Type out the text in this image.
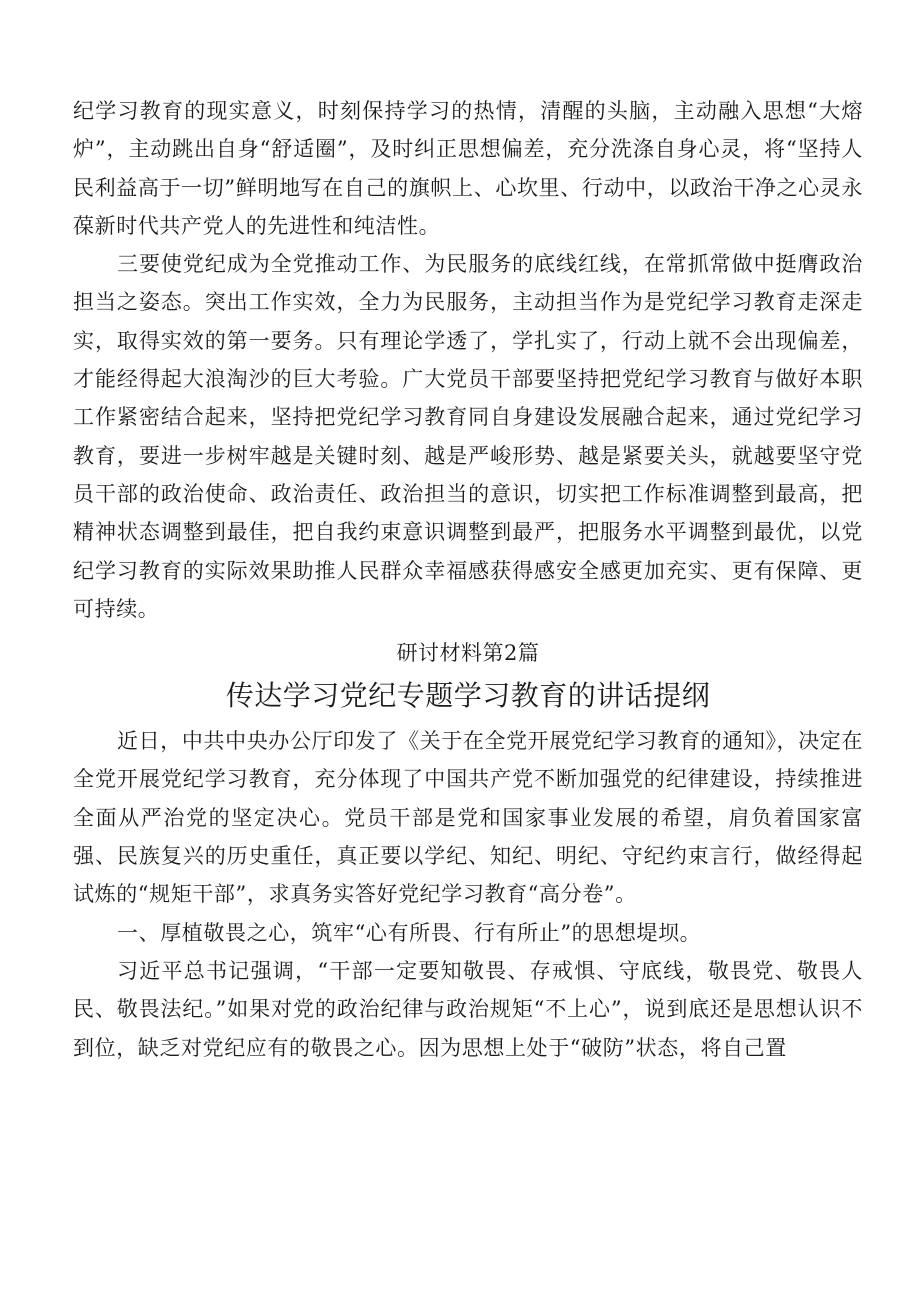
纪学习教育的现实意义，时刻保持学习的热情，清醒的头脑，主动融入思想“大熔炉”，主动跳出自身“舒适圈”，及时纠正思想偏差，充分洗涤自身心灵，将“坚持人民利益高于一切”鲜明地写在自己的旗帜上、心坎里、行动中，以政治干净之心灵永葆新时代共产党人的先进性和纯洁性。

三要使党纪成为全党推动工作、为民服务的底线红线，在常抓常做中挺膺政治担当之姿态。突出工作实效，全力为民服务，主动担当作为是党纪学习教育走深走实，取得实效的第一要务。只有理论学透了，学扎实了，行动上就不会出现偏差，才能经得起大浪淘沙的巨大考验。广大党员干部要坚持把党纪学习教育与做好本职工作紧密结合起来，坚持把党纪学习教育同自身建设发展融合起来，通过党纪学习教育，要进一步树牢越是关键时刻、越是严峻形势、越是紧要关头，就越要坚守党员干部的政治使命、政治责任、政治担当的意识，切实把工作标准调整到最高，把精神状态调整到最佳，把自我约束意识调整到最严，把服务水平调整到最优，以党纪学习教育的实际效果助推人民群众幸福感获得感安全感更加充实、更有保障、更可持续。

研讨材料第2篇
传达学习党纪专题学习教育的讲话提纲

近日，中共中央办公厅印发了《关于在全党开展党纪学习教育的通知》，决定在全党开展党纪学习教育，充分体现了中国共产党不断加强党的纪律建设，持续推进全面从严治党的坚定决心。党员干部是党和国家事业发展的希望，肩负着国家富强、民族复兴的历史重任，真正要以学纪、知纪、明纪、守纪约束言行，做经得起试炼的“规矩干部”，求真务实答好党纪学习教育“高分卷”。

一、厚植敬畏之心，筑牢“心有所畏、行有所止”的思想堤坝。

习近平总书记强调，“干部一定要知敬畏、存戒惧、守底线，敬畏党、敬畏人民、敬畏法纪。”如果对党的政治纪律与政治规矩“不上心”，说到底还是思想认识不到位，缺乏对党纪应有的敬畏之心。因为思想上处于“破防”状态，将自己置
